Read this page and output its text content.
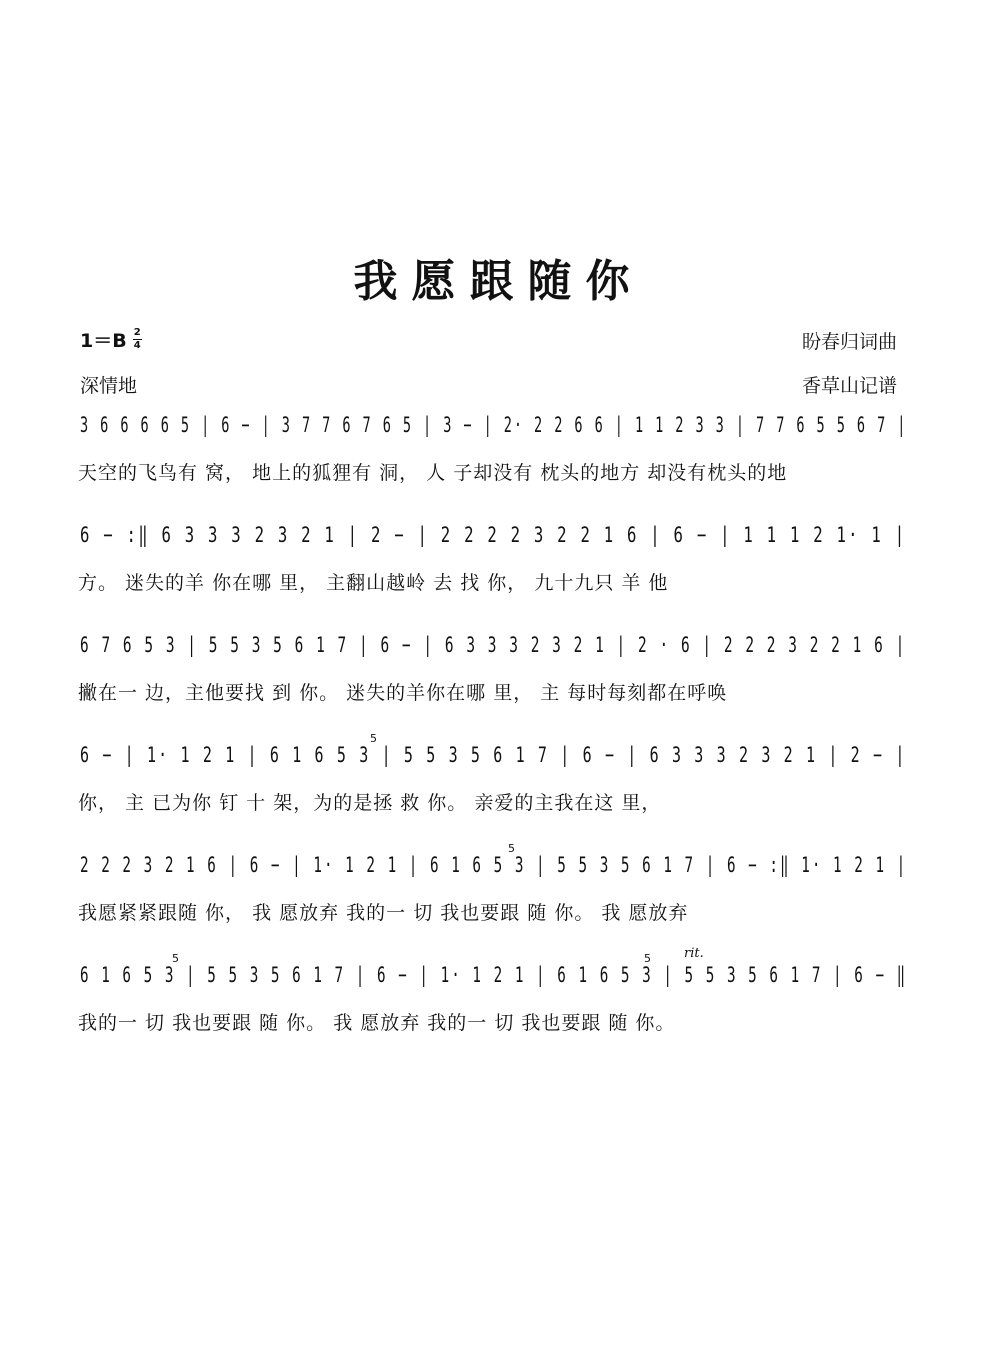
我愿跟随你
1＝B 2
4	盼春归词曲
深情地	香草山记谱
3 6 6 6 6 5 | 6 − | 3 7 7 6 7 6 5 | 3 − | 2· 2 2 6 6 | 1 1 2 3 3 | 7 7 6 5 5 6 7 |
天空的飞鸟有 窝， 地上的狐狸有 洞， 人 子却没有 枕头的地方 却没有枕头的地
6 − :‖ 6 3 3 3 2 3 2 1 | 2 − | 2 2 2 2 3 2 2 1 6 | 6 − | 1 1 1 2 1· 1 |
方。 迷失的羊 你在哪 里， 主翻山越岭 去 找 你， 九十九只 羊 他
6 7 6 5 3 | 5 5 3 5 6 1 7 | 6 − | 6 3 3 3 2 3 2 1 | 2 · 6 | 2 2 2 3 2 2 1 6 |
撇在一 边，主他要找 到 你。 迷失的羊你在哪 里， 主 每时每刻都在呼唤
5
6 − | 1· 1 2 1 | 6 1 6 5 3 | 5 5 3 5 6 1 7 | 6 − | 6 3 3 3 2 3 2 1 | 2 − |
你， 主 已为你 钉 十 架，为的是拯 救 你。 亲爱的主我在这 里，
5
2 2 2 3 2 1 6 | 6 − | 1· 1 2 1 | 6 1 6 5 3 | 5 5 3 5 6 1 7 | 6 − :‖ 1· 1 2 1 |
我愿紧紧跟随 你， 我 愿放弃 我的一 切 我也要跟 随 你。 我 愿放弃
5	5	rit.
6 1 6 5 3 | 5 5 3 5 6 1 7 | 6 − | 1· 1 2 1 | 6 1 6 5 3 | 5 5 3 5 6 1 7 | 6 − ‖
我的一 切 我也要跟 随 你。 我 愿放弃 我的一 切 我也要跟 随 你。
